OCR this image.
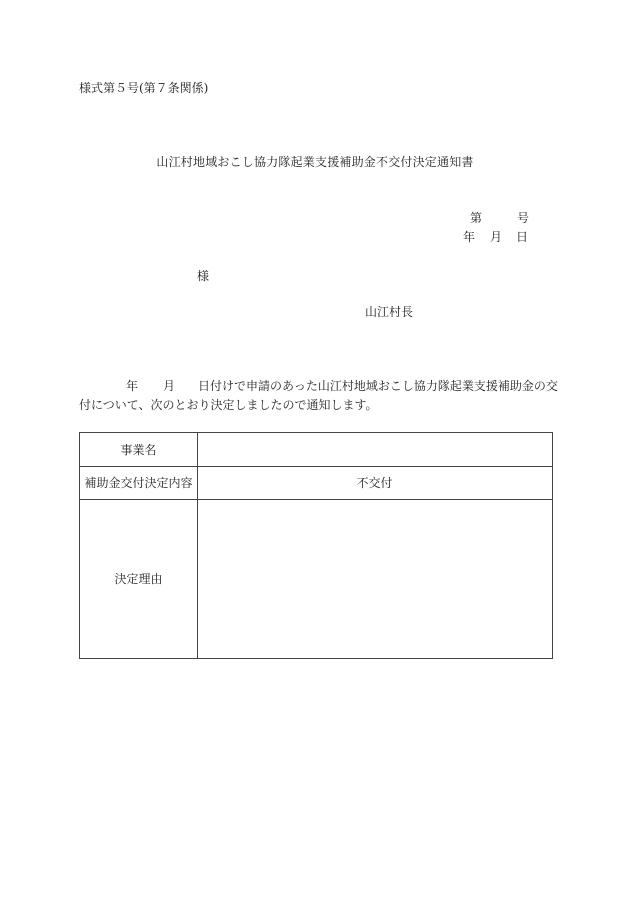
様式第５号(第７条関係)
山江村地域おこし協力隊起業支援補助金不交付決定通知書
第	号
年 月 日
様
山江村長
年 月 日付けで申請のあった山江村地域おこし協力隊起業支援補助金の交
付について、次のとおり決定しましたので通知します。
事業名
補助金交付決定内容	不交付
決定理由
